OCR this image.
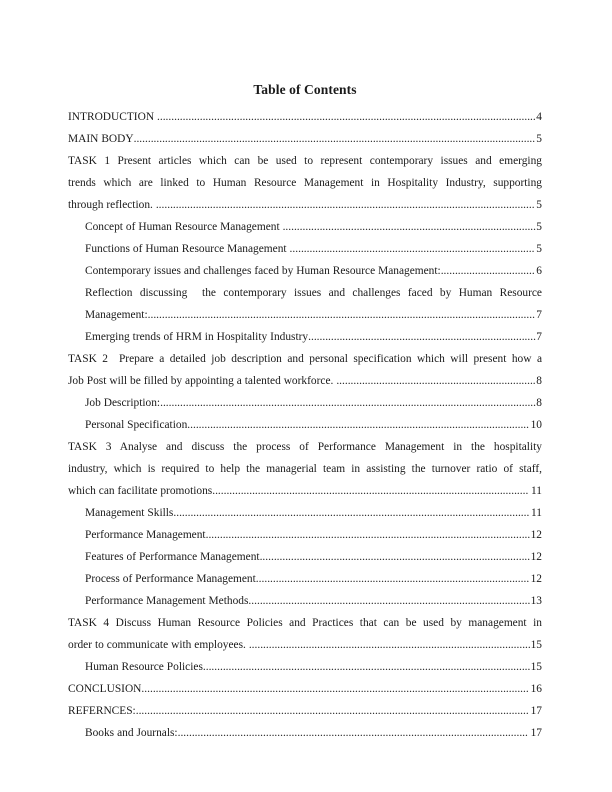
Table of Contents
INTRODUCTION ..................................................................................................................................... 4
MAIN BODY ............................................................................................................................................. 5
TASK 1 Present articles which can be used to represent contemporary issues and emerging
trends which are linked to Human Resource Management in Hospitality Industry, supporting
through reflection. ..................................................................................................................................... 5
Concept of Human Resource Management ......................................................................................... 5
Functions of Human Resource Management ...................................................................................... 5
Contemporary issues and challenges faced by Human Resource Management: ................................. 6
Reflection discussing  the contemporary issues and challenges faced by Human Resource
Management: ........................................................................................................................................ 7
Emerging trends of HRM in Hospitality Industry ................................................................................ 7
TASK 2  Prepare a detailed job description and personal specification which will present how a
Job Post will be filled by appointing a talented workforce. ...................................................................... 8
Job Description: .................................................................................................................................... 8
Personal Specification ........................................................................................................................ 10
TASK 3 Analyse and discuss the process of Performance Management in the hospitality
industry, which is required to help the managerial team in assisting the turnover ratio of staff,
which can facilitate promotions ............................................................................................................... 11
Management Skills ............................................................................................................................. 11
Performance Management .................................................................................................................. 12
Features of Performance Management ............................................................................................... 12
Process of Performance Management ................................................................................................ 12
Performance Management Methods ................................................................................................... 13
TASK 4 Discuss Human Resource Policies and Practices that can be used by management in
order to communicate with employees. ................................................................................................... 15
Human Resource Policies ................................................................................................................... 15
CONCLUSION ........................................................................................................................................ 16
REFERNCES: .......................................................................................................................................... 17
Books and Journals: ........................................................................................................................... 17
